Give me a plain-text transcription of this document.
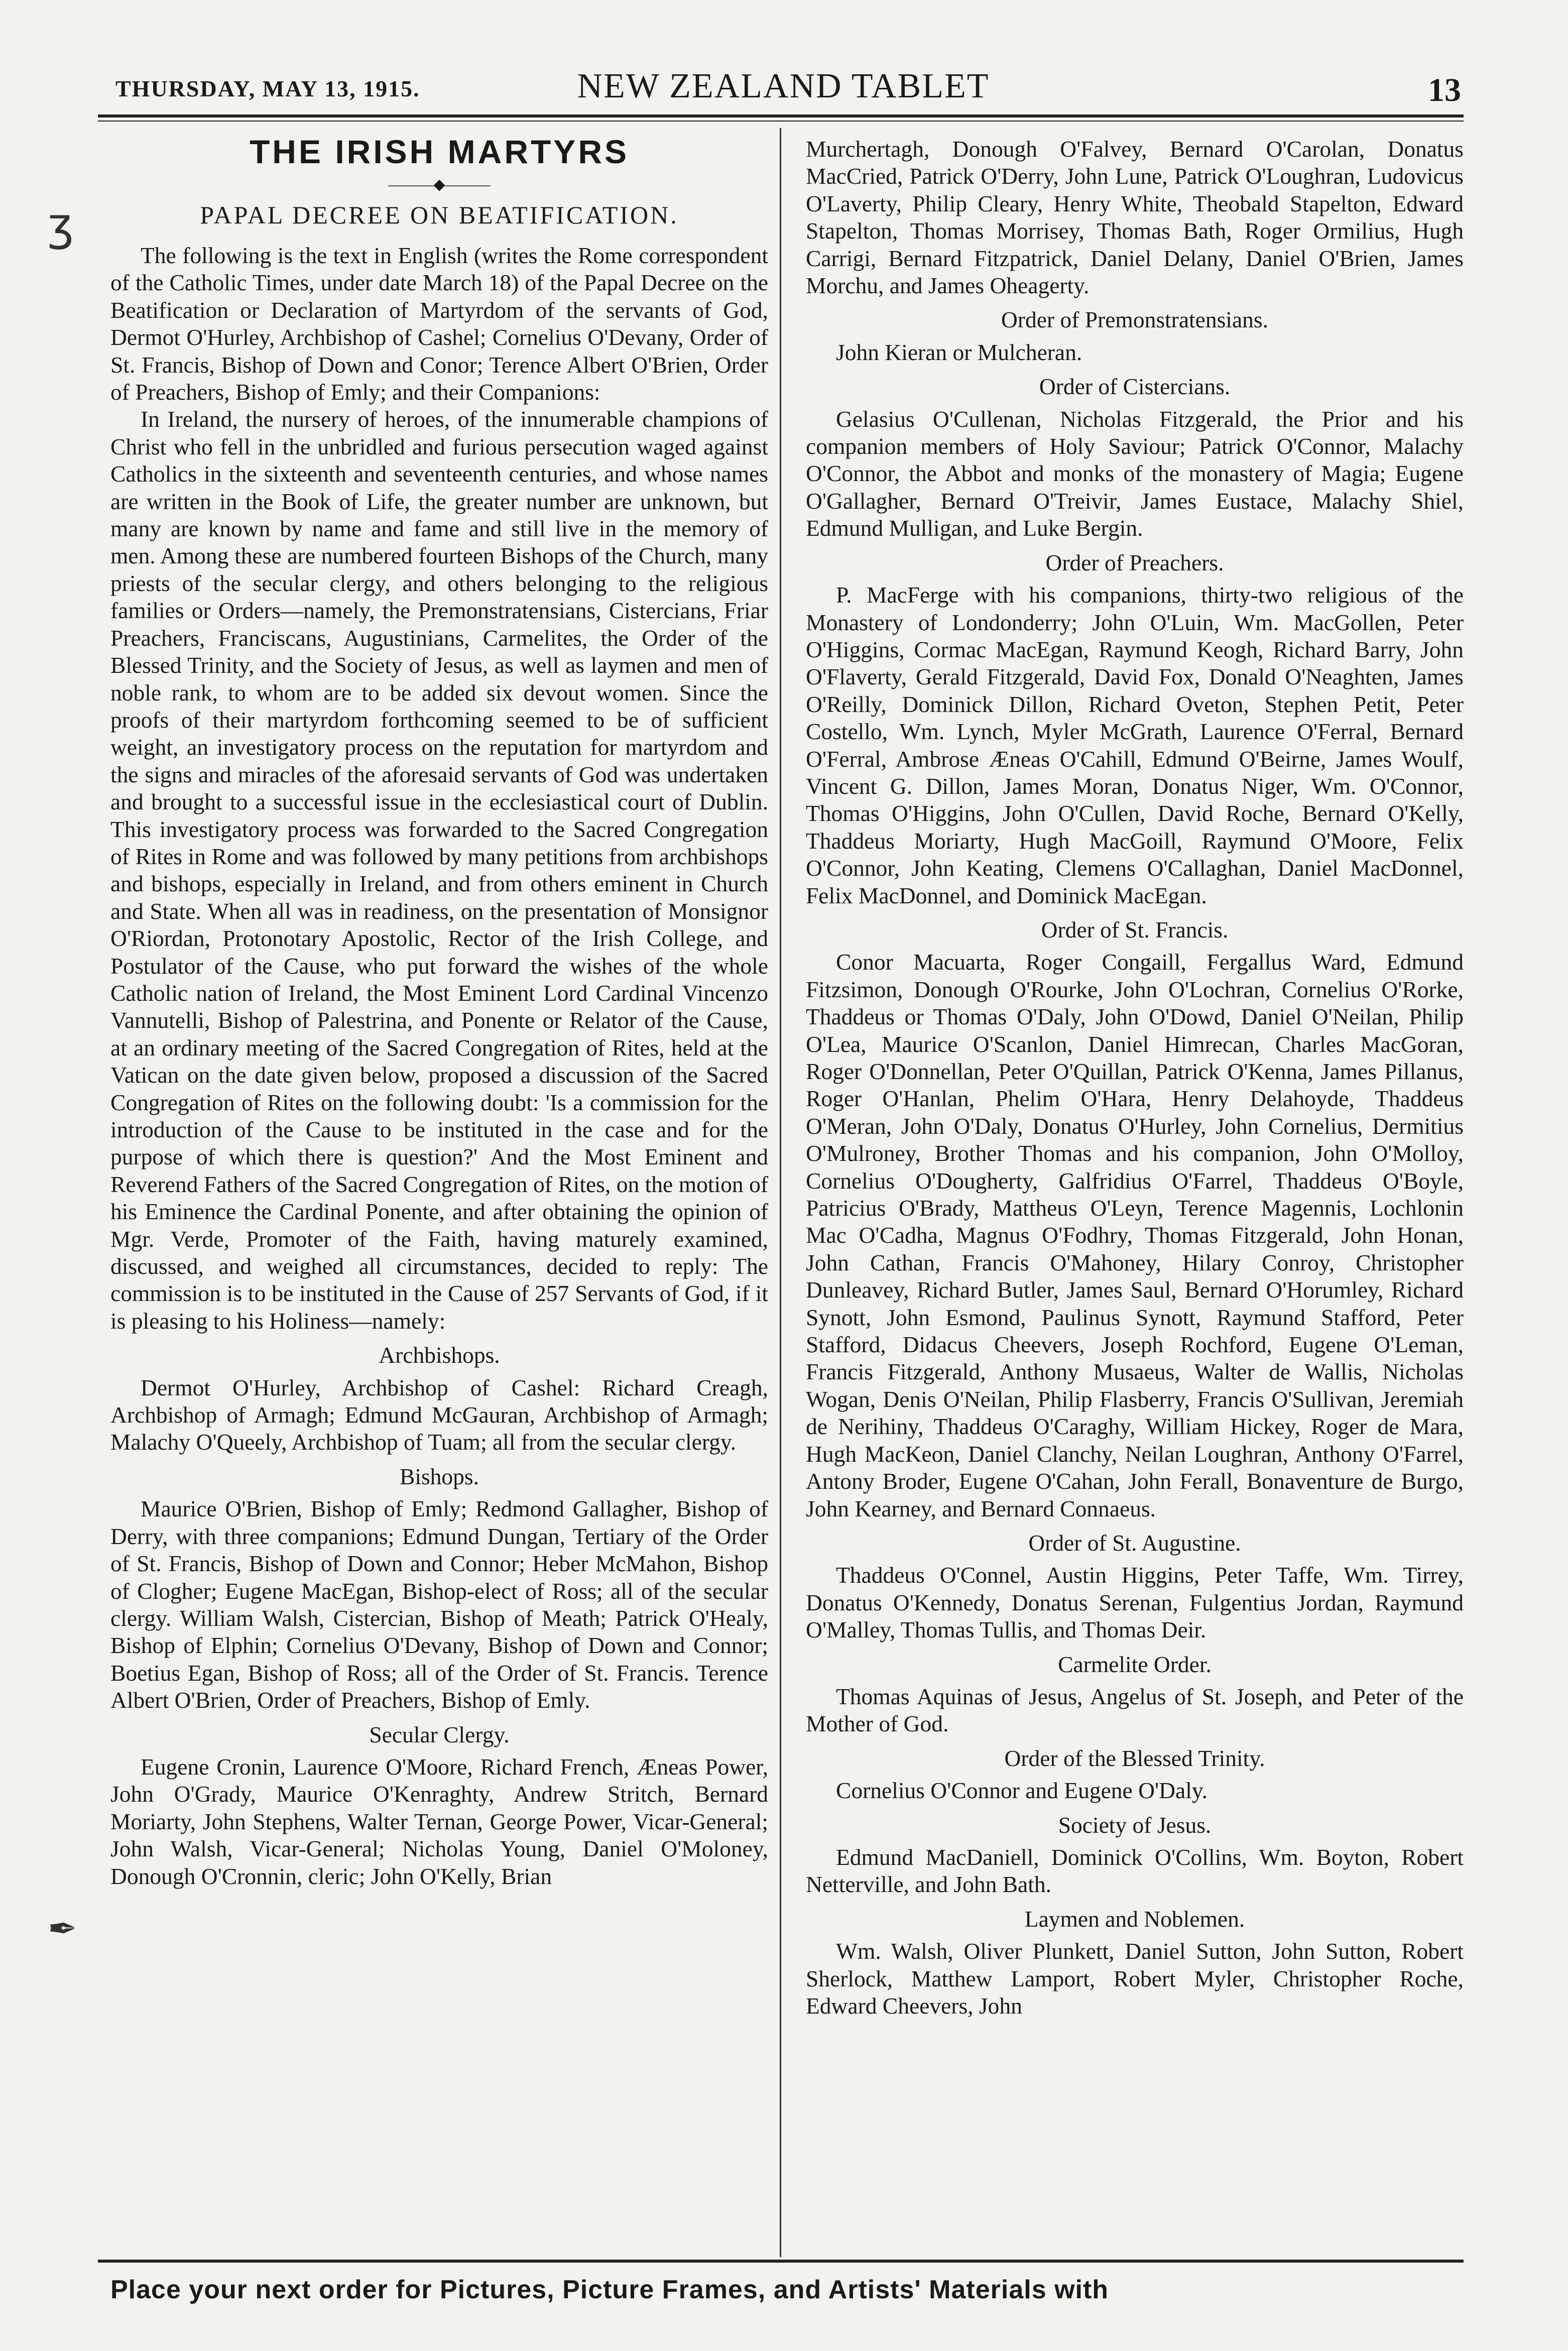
THURSDAY, MAY 13, 1915.	NEW ZEALAND TABLET	13
THE IRISH MARTYRS
———◆———
PAPAL DECREE ON BEATIFICATION.

The following is the text in English (writes the Rome correspondent of the Catholic Times, under date March 18) of the Papal Decree on the Beatification or Declaration of Martyrdom of the servants of God, Dermot O'Hurley, Archbishop of Cashel; Cornelius O'Devany, Order of St. Francis, Bishop of Down and Conor; Terence Albert O'Brien, Order of Preachers, Bishop of Emly; and their Companions:

In Ireland, the nursery of heroes, of the innumerable champions of Christ who fell in the unbridled and furious persecution waged against Catholics in the sixteenth and seventeenth centuries, and whose names are written in the Book of Life, the greater number are unknown, but many are known by name and fame and still live in the memory of men. Among these are numbered fourteen Bishops of the Church, many priests of the secular clergy, and others belonging to the religious families or Orders—namely, the Premonstratensians, Cistercians, Friar Preachers, Franciscans, Augustinians, Carmelites, the Order of the Blessed Trinity, and the Society of Jesus, as well as laymen and men of noble rank, to whom are to be added six devout women. Since the proofs of their martyrdom forthcoming seemed to be of sufficient weight, an investigatory process on the reputation for martyrdom and the signs and miracles of the aforesaid servants of God was undertaken and brought to a successful issue in the ecclesiastical court of Dublin. This investigatory process was forwarded to the Sacred Congregation of Rites in Rome and was followed by many petitions from archbishops and bishops, especially in Ireland, and from others eminent in Church and State. When all was in readiness, on the presentation of Monsignor O'Riordan, Protonotary Apostolic, Rector of the Irish College, and Postulator of the Cause, who put forward the wishes of the whole Catholic nation of Ireland, the Most Eminent Lord Cardinal Vincenzo Vannutelli, Bishop of Palestrina, and Ponente or Relator of the Cause, at an ordinary meeting of the Sacred Congregation of Rites, held at the Vatican on the date given below, proposed a discussion of the Sacred Congregation of Rites on the following doubt: 'Is a commission for the introduction of the Cause to be instituted in the case and for the purpose of which there is question?' And the Most Eminent and Reverend Fathers of the Sacred Congregation of Rites, on the motion of his Eminence the Cardinal Ponente, and after obtaining the opinion of Mgr. Verde, Promoter of the Faith, having maturely examined, discussed, and weighed all circumstances, decided to reply: The commission is to be instituted in the Cause of 257 Servants of God, if it is pleasing to his Holiness—namely:

Archbishops.

Dermot O'Hurley, Archbishop of Cashel: Richard Creagh, Archbishop of Armagh; Edmund McGauran, Archbishop of Armagh; Malachy O'Queely, Archbishop of Tuam; all from the secular clergy.

Bishops.

Maurice O'Brien, Bishop of Emly; Redmond Gallagher, Bishop of Derry, with three companions; Edmund Dungan, Tertiary of the Order of St. Francis, Bishop of Down and Connor; Heber McMahon, Bishop of Clogher; Eugene MacEgan, Bishop-elect of Ross; all of the secular clergy. William Walsh, Cistercian, Bishop of Meath; Patrick O'Healy, Bishop of Elphin; Cornelius O'Devany, Bishop of Down and Connor; Boetius Egan, Bishop of Ross; all of the Order of St. Francis. Terence Albert O'Brien, Order of Preachers, Bishop of Emly.

Secular Clergy.

Eugene Cronin, Laurence O'Moore, Richard French, Æneas Power, John O'Grady, Maurice O'Kenraghty, Andrew Stritch, Bernard Moriarty, John Stephens, Walter Ternan, George Power, Vicar-General; John Walsh, Vicar-General; Nicholas Young, Daniel O'Moloney, Donough O'Cronnin, cleric; John O'Kelly, Brian

Murchertagh, Donough O'Falvey, Bernard O'Carolan, Donatus MacCried, Patrick O'Derry, John Lune, Patrick O'Loughran, Ludovicus O'Laverty, Philip Cleary, Henry White, Theobald Stapelton, Edward Stapelton, Thomas Morrisey, Thomas Bath, Roger Ormilius, Hugh Carrigi, Bernard Fitzpatrick, Daniel Delany, Daniel O'Brien, James Morchu, and James Oheagerty.

Order of Premonstratensians.

John Kieran or Mulcheran.

Order of Cistercians.

Gelasius O'Cullenan, Nicholas Fitzgerald, the Prior and his companion members of Holy Saviour; Patrick O'Connor, Malachy O'Connor, the Abbot and monks of the monastery of Magia; Eugene O'Gallagher, Bernard O'Treivir, James Eustace, Malachy Shiel, Edmund Mulligan, and Luke Bergin.

Order of Preachers.

P. MacFerge with his companions, thirty-two religious of the Monastery of Londonderry; John O'Luin, Wm. MacGollen, Peter O'Higgins, Cormac MacEgan, Raymund Keogh, Richard Barry, John O'Flaverty, Gerald Fitzgerald, David Fox, Donald O'Neaghten, James O'Reilly, Dominick Dillon, Richard Oveton, Stephen Petit, Peter Costello, Wm. Lynch, Myler McGrath, Laurence O'Ferral, Bernard O'Ferral, Ambrose Æneas O'Cahill, Edmund O'Beirne, James Woulf, Vincent G. Dillon, James Moran, Donatus Niger, Wm. O'Connor, Thomas O'Higgins, John O'Cullen, David Roche, Bernard O'Kelly, Thaddeus Moriarty, Hugh MacGoill, Raymund O'Moore, Felix O'Connor, John Keating, Clemens O'Callaghan, Daniel MacDonnel, Felix MacDonnel, and Dominick MacEgan.

Order of St. Francis.

Conor Macuarta, Roger Congaill, Fergallus Ward, Edmund Fitzsimon, Donough O'Rourke, John O'Lochran, Cornelius O'Rorke, Thaddeus or Thomas O'Daly, John O'Dowd, Daniel O'Neilan, Philip O'Lea, Maurice O'Scanlon, Daniel Himrecan, Charles MacGoran, Roger O'Donnellan, Peter O'Quillan, Patrick O'Kenna, James Pillanus, Roger O'Hanlan, Phelim O'Hara, Henry Delahoyde, Thaddeus O'Meran, John O'Daly, Donatus O'Hurley, John Cornelius, Dermitius O'Mulroney, Brother Thomas and his companion, John O'Molloy, Cornelius O'Dougherty, Galfridius O'Farrel, Thaddeus O'Boyle, Patricius O'Brady, Mattheus O'Leyn, Terence Magennis, Lochlonin Mac O'Cadha, Magnus O'Fodhry, Thomas Fitzgerald, John Honan, John Cathan, Francis O'Mahoney, Hilary Conroy, Christopher Dunleavey, Richard Butler, James Saul, Bernard O'Horumley, Richard Synott, John Esmond, Paulinus Synott, Raymund Stafford, Peter Stafford, Didacus Cheevers, Joseph Rochford, Eugene O'Leman, Francis Fitzgerald, Anthony Musaeus, Walter de Wallis, Nicholas Wogan, Denis O'Neilan, Philip Flasberry, Francis O'Sullivan, Jeremiah de Nerihiny, Thaddeus O'Caraghy, William Hickey, Roger de Mara, Hugh MacKeon, Daniel Clanchy, Neilan Loughran, Anthony O'Farrel, Antony Broder, Eugene O'Cahan, John Ferall, Bonaventure de Burgo, John Kearney, and Bernard Connaeus.

Order of St. Augustine.

Thaddeus O'Connel, Austin Higgins, Peter Taffe, Wm. Tirrey, Donatus O'Kennedy, Donatus Serenan, Fulgentius Jordan, Raymund O'Malley, Thomas Tullis, and Thomas Deir.

Carmelite Order.

Thomas Aquinas of Jesus, Angelus of St. Joseph, and Peter of the Mother of God.

Order of the Blessed Trinity.

Cornelius O'Connor and Eugene O'Daly.

Society of Jesus.

Edmund MacDaniell, Dominick O'Collins, Wm. Boyton, Robert Netterville, and John Bath.

Laymen and Noblemen.

Wm. Walsh, Oliver Plunkett, Daniel Sutton, John Sutton, Robert Sherlock, Matthew Lamport, Robert Myler, Christopher Roche, Edward Cheevers, John

ʒ
✒
Place your next order for Pictures, Picture Frames, and Artists' Materials with
